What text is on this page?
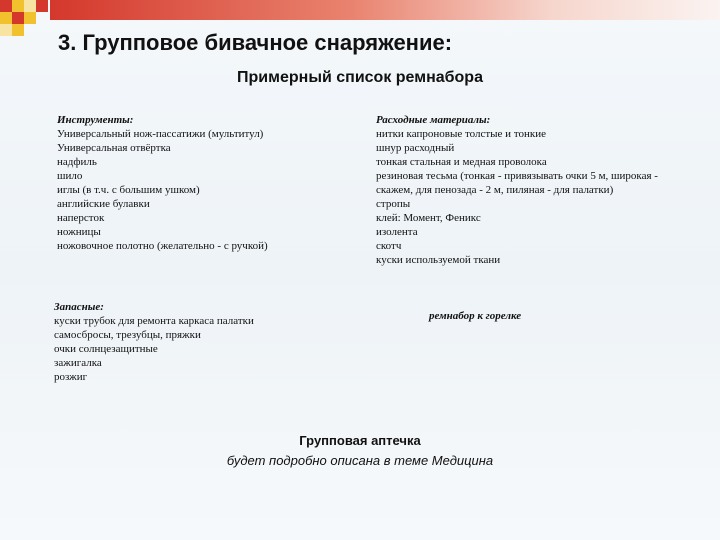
3. Групповое бивачное снаряжение:
Примерный список ремнабора
Инструменты:
Универсальный нож-пассатижи (мультитул)
Универсальная отвёртка
надфиль
шило
иглы (в т.ч. с большим ушком)
английские булавки
наперсток
ножницы
ножовочное полотно (желательно - с ручкой)
Расходные материалы:
нитки капроновые толстые и тонкие
шнур расходный
тонкая стальная и медная проволока
резиновая тесьма (тонкая - привязывать очки 5 м, широкая - скажем, для пенозада - 2 м, пиляная - для палатки)
стропы
клей: Момент, Феникс
изолента
скотч
куски используемой ткани
Запасные:
куски трубок для ремонта каркаса палатки
самосбросы, трезубцы, пряжки
очки солнцезащитные
зажигалка
розжиг
ремнабор к горелке
Групповая аптечка
будет подробно описана в теме Медицина
